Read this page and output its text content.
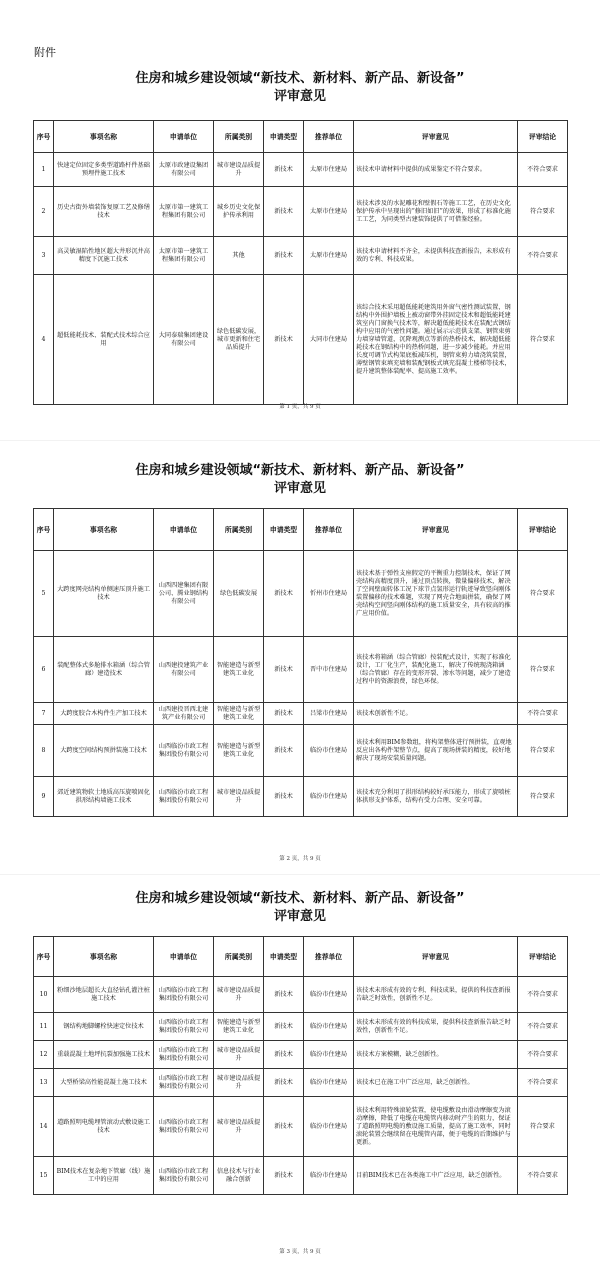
附件
住房和城乡建设领域“新技术、新材料、新产品、新设备”
评审意见
序号	事项名称	申请单位	所属类别	申请类型	推荐单位	评审意见	评审结论
1	快速定位固定多类型道路杆件基础预埋件施工技术	太原市政建设集团有限公司	城市建设品质提升	新技术	太原市住建局	该技术申请材料中提供的成果鉴定不符合要求。	不符合要求
2	历史古街外墙装饰复原工艺及修缮技术	太原市第一建筑工程集团有限公司	城乡历史文化保护传承利用	新技术	太原市住建局	该技术涉及的水泥雕花和壁假石等施工工艺，在历史文化保护传承中呈现出的“修旧如旧”的效果，形成了标准化施工工艺，为同类型古建装饰提供了可借鉴经验。	符合要求
3	高灵敏湿陷性地区超大井形沉井高精度下沉施工技术	太原市第一建筑工程集团有限公司	其他	新技术	太原市住建局	该技术申请材料不齐全，未提供科技查新报告，未形成有效的专利、科技成果。	不符合要求
4	超低能耗技术、装配式技术综合应用	大同泰瑞集团建设有限公司	绿色低碳发展，城市更新和住宅品质提升	新技术	大同市住建局	该综合技术采用超低能耗建筑用外窗气密性测试装置，钢结构中外围护墙板上被动窗带外挂固定技术和超低能耗建筑室内门窗换气技术等，解决超低能耗技术在装配式钢结构中应用的气密性问题。通过展示示范供支架、钢管束剪力墙穿墙管道，沉降观测点等新的热桥技术，解决超低能耗技术在钢结构中的热桥问题，进一步减少能耗。并应用长度可调节式构架底板减压机，钢管束剪力墙浇筑装置，薄壁钢管束填充墙和装配钢板式填充混凝土楼梯等技术，提升建筑整体装配率、提高施工效率。	符合要求
第 1 页，共 9 页
住房和城乡建设领域“新技术、新材料、新产品、新设备”
评审意见
序号	事项名称	申请单位	所属类别	申请类型	推荐单位	评审意见	评审结论
5	大跨度网壳结构单侧速压顶升施工技术	山西四建集团有限公司、腾业钢结构有限公司	绿色低碳发展	新技术	忻州市住建局	该技术基于弹性支座假定的平衡重力控制技术，保证了网壳结构高精度顶升，通过顶点转换，微量偏移技术，解决了空间壁面转体工况下球节点氢形运行轨迹导致竖向刚体装置偏移的技术难题，实现了网壳合地面拼装，确保了网壳结构空间竖向刚体结构的施工质量安全，具有较高的推广应用价值。	符合要求
6	装配整体式多舱排水箱涵（综合管廊）建造技术	山西建投建筑产业有限公司	智能建造与新型建筑工业化	新技术	晋中市住建局	该技术将箱涵（综合管廊）按装配式设计，实现了标准化设计，工厂化生产，装配化施工，解决了传统现浇箱涵（综合管廊）存在的变形开裂、渗水等问题，减少了建造过程中的资源浪费，绿色环保。	符合要求
7	大跨度胶合木构件生产加工技术	山西建投晋西北建筑产业有限公司	智能建造与新型建筑工业化	新技术	吕梁市住建局	该技术创新性不足。	不符合要求
8	大跨度空间结构预拼装施工技术	山西临汾市政工程集团股份有限公司	智能建造与新型建筑工业化	新技术	临汾市住建局	该技术利用BIM参数组，将构架整体进行预拼装，直观地反应出各构件架整节点，提高了现场拼装的精度，较好地解决了现场安装质量问题。	符合要求
9	郊近建筑物软土地质高压旋喷固化拱形结构墙施工技术	山西临汾市政工程集团股份有限公司	城市建设品质提升	新技术	临汾市住建局	该技术充分利用了拱形结构较好承压能力，形成了旋喷桩体拱形支护体系，结构有受力合理、安全可靠。	符合要求
第 2 页，共 9 页
住房和城乡建设领域“新技术、新材料、新产品、新设备”
评审意见
序号	事项名称	申请单位	所属类别	申请类型	推荐单位	评审意见	评审结论
10	粉细沙地层超长大直径钻孔灌注桩施工技术	山西临汾市政工程集团股份有限公司	城市建设品质提升	新技术	临汾市住建局	该技术未形成有效的专利、科技成果，提供的科技查新报告缺乏时效性，创新性不足。	不符合要求
11	钢结构地脚螺栓快速定位技术	山西临汾市政工程集团股份有限公司	智能建造与新型建筑工业化	新技术	临汾市住建局	该技术未形成有效的科技成果，提供科技查新报告缺乏时效性，创新性不足。	不符合要求
12	重载混凝土地坪抗裂加强施工技术	山西临汾市政工程集团股份有限公司	城市建设品质提升	新技术	临汾市住建局	该技术方案模糊，缺乏创新性。	不符合要求
13	大型桥梁高性能混凝土施工技术	山西临汾市政工程集团股份有限公司	城市建设品质提升	新技术	临汾市住建局	该技术已在施工中广泛应用，缺乏创新性。	不符合要求
14	道路照明电缆埋管滚动式敷设施工技术	山西临汾市政工程集团股份有限公司	城市建设品质提升	新技术	临汾市住建局	该技术利用特殊滚轮装置，使电缆敷设由滑动摩擦变为滚动摩擦，降低了电缆在电缆管内移动时产生的阻力，保证了道路照明电缆的敷设施工质量，提高了施工效率，同时滚轮装置会继续留在电缆管内部，便于电缆的后期维护与更新。	符合要求
15	BIM技术在复杂地下管廊（线）施工中的应用	山西临汾市政工程集团股份有限公司	信息技术与行业融合创新	新技术	临汾市住建局	目前BIM技术已在各类施工中广泛应用，缺乏创新性。	不符合要求
第 3 页，共 9 页
